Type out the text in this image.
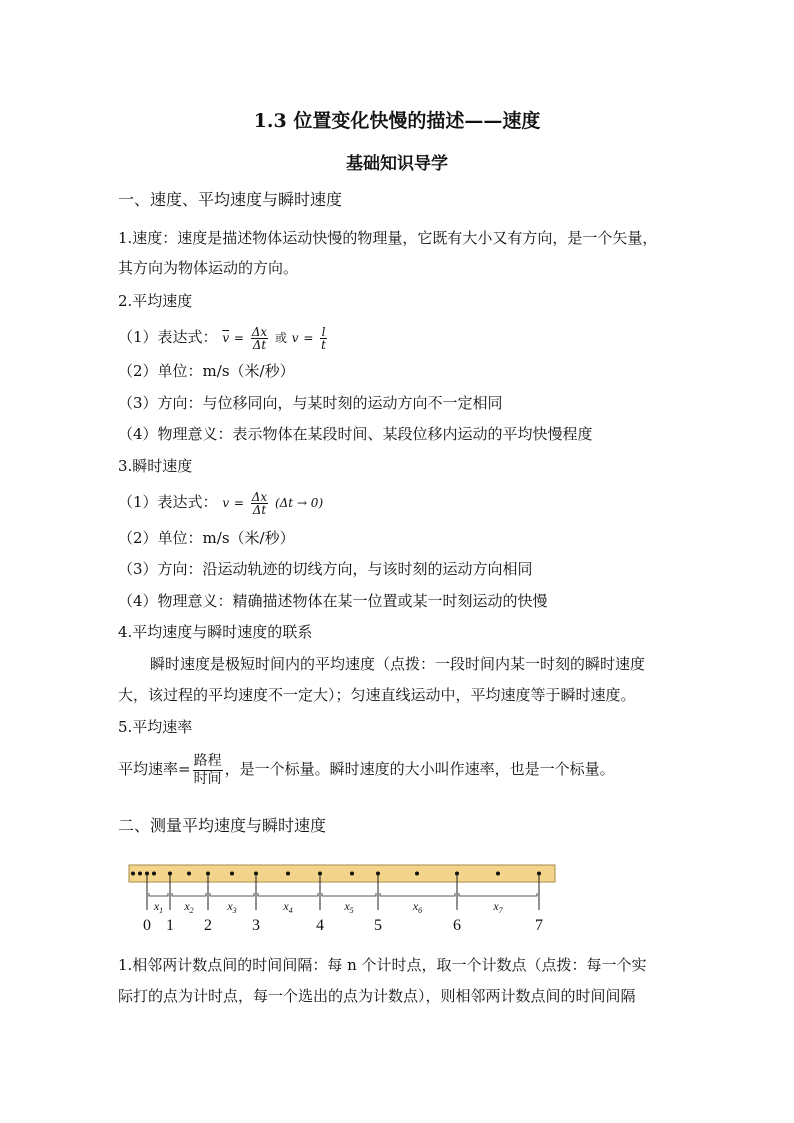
1.3 位置变化快慢的描述——速度
基础知识导学
一、速度、平均速度与瞬时速度
1.速度：速度是描述物体运动快慢的物理量，它既有大小又有方向，是一个矢量，
其方向为物体运动的方向。
2.平均速度
（1）表达式： $\overline{v} = \frac{\Delta x}{\Delta t}$ 或 $v = \frac{l}{t}$
（2）单位：m/s（米/秒）
（3）方向：与位移同向，与某时刻的运动方向不一定相同
（4）物理意义：表示物体在某段时间、某段位移内运动的平均快慢程度
3.瞬时速度
（1）表达式： $v = \frac{\Delta x}{\Delta t} (\Delta t \to 0)$
（2）单位：m/s（米/秒）
（3）方向：沿运动轨迹的切线方向，与该时刻的运动方向相同
（4）物理意义：精确描述物体在某一位置或某一时刻运动的快慢
4.平均速度与瞬时速度的联系
瞬时速度是极短时间内的平均速度（点拨：一段时间内某一时刻的瞬时速度
大，该过程的平均速度不一定大）；匀速直线运动中，平均速度等于瞬时速度。
5.平均速率
平均速率= $\frac{\text{路程}}{\text{时间}}$ ，是一个标量。瞬时速度的大小叫作速率，也是一个标量。
二、测量平均速度与瞬时速度
$x_1$ $x_2$	$x_3$	$x_4$	$x_5$	$x_6$	$x_7$
0 1 2	3	4	5	6	7
1.相邻两计数点间的时间间隔：每 n 个计时点，取一个计数点（点拨：每一个实
际打的点为计时点，每一个选出的点为计数点），则相邻两计数点间的时间间隔
